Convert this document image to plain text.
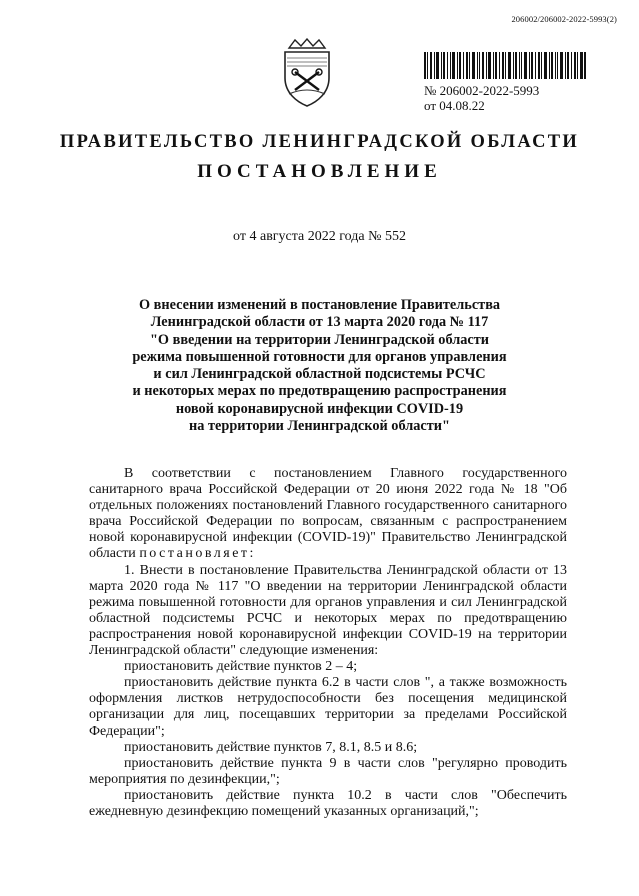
206002/206002-2022-5993(2)
№ 206002-2022-5993
от 04.08.22
ПРАВИТЕЛЬСТВО ЛЕНИНГРАДСКОЙ ОБЛАСТИ
ПОСТАНОВЛЕНИЕ
от 4 августа 2022 года № 552
О внесении изменений в постановление Правительства
Ленинградской области от 13 марта 2020 года № 117
"О введении на территории Ленинградской области
режима повышенной готовности для органов управления
и сил Ленинградской областной подсистемы РСЧС
и некоторых мерах по предотвращению распространения
новой коронавирусной инфекции COVID-19
на территории Ленинградской области"

В соответствии с постановлением Главного государственного санитарного врача Российской Федерации от 20 июня 2022 года № 18 "Об отдельных положениях постановлений Главного государственного санитарного врача Российской Федерации по вопросам, связанным с распространением новой коронавирусной инфекции (COVID-19)" Правительство Ленинградской области постановляет:

1. Внести в постановление Правительства Ленинградской области от 13 марта 2020 года № 117 "О введении на территории Ленинградской области режима повышенной готовности для органов управления и сил Ленинградской областной подсистемы РСЧС и некоторых мерах по предотвращению распространения новой коронавирусной инфекции COVID-19 на территории Ленинградской области" следующие изменения:

приостановить действие пунктов 2 – 4;

приостановить действие пункта 6.2 в части слов ", а также возможность оформления листков нетрудоспособности без посещения медицинской организации для лиц, посещавших территории за пределами Российской Федерации";

приостановить действие пунктов 7, 8.1, 8.5 и 8.6;

приостановить действие пункта 9 в части слов "регулярно проводить мероприятия по дезинфекции,";

приостановить действие пункта 10.2 в части слов "Обеспечить ежедневную дезинфекцию помещений указанных организаций,";
